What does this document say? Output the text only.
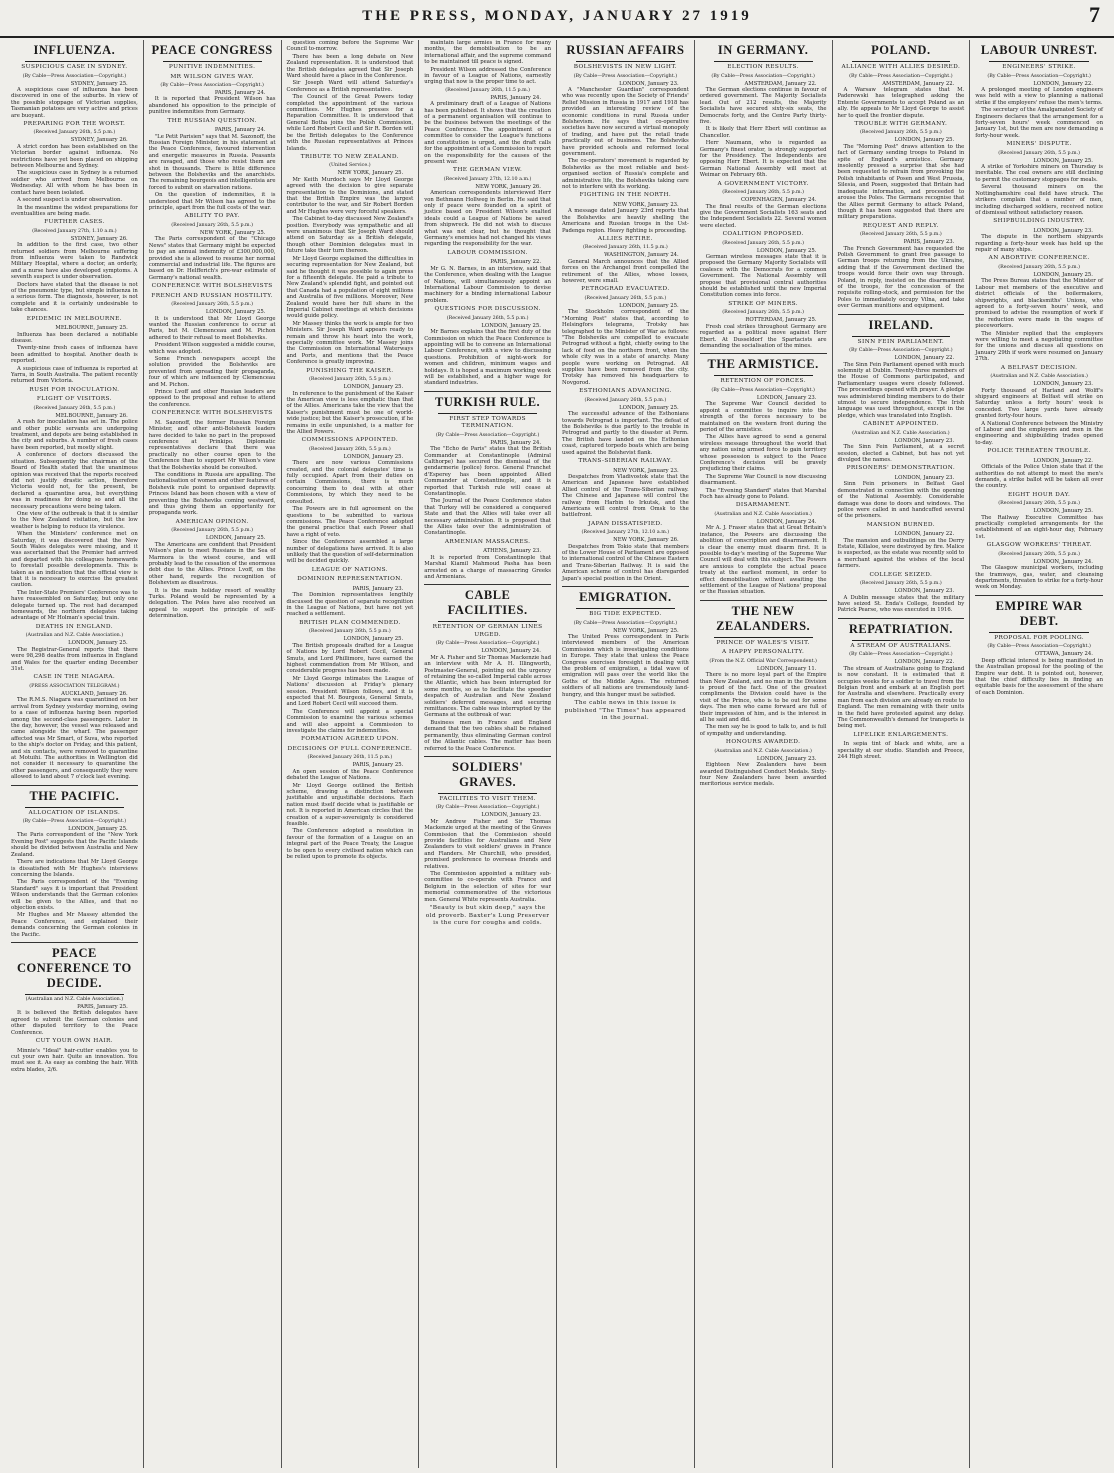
THE PRESS, MONDAY, JANUARY 27 1919	7
INFLUENZA.
SUSPICIOUS CASE IN SYDNEY.
(By Cable—Press Association—Copyright.)
SYDNEY, January 25.

A suspicious case of influenza has been discovered in one of the suburbs. In view of the possible stoppage of Victorian supplies, Tasmanian potatoes are very active and prices are buoyant.

PREPARING FOR THE WORST.
(Received January 26th, 5.5 p.m.)
SYDNEY, January 26.

A strict cordon has been established on the Victorian border against influenza. No restrictions have yet been placed on shipping between Melbourne and Sydney.

The suspicious case in Sydney is a returned soldier who arrived from Melbourne on Wednesday. All with whom he has been in contact have been isolated.

A second suspect is under observation.

In the meantime the widest preparations for eventualities are being made.

FURTHER CASES.
(Received January 27th, 1.10 a.m.)
SYDNEY, January 26.

In addition to the first case, two other returned soldiers from Melbourne suffering from influenza were taken to Randwick Military Hospital, where a doctor, an orderly, and a nurse have also developed symptoms. A seventh suspect is under observation.

Doctors have stated that the disease is not of the pneumonic type, but simple influenza in a serious form. The diagnosis, however, is not complete and it is certainly undesirable to take chances.

EPIDEMIC IN MELBOURNE.
MELBOURNE, January 25.

Influenza has been declared a notifiable disease.

Twenty-nine fresh cases of influenza have been admitted to hospital. Another death is reported.

A suspicious case of influenza is reported at Yarra, in South Australia. The patient recently returned from Victoria.

RUSH FOR INOCULATION.
FLIGHT OF VISITORS.
(Received January 26th, 5.5 p.m.)
MELBOURNE, January 26.

A rush for inoculation has set in. The police and other public servants are undergoing treatment, and depots are being established in the city and suburbs. A number of fresh cases have been reported, but mostly slight.

A conference of doctors discussed the situation. Subsequently the chairman of the Board of Health stated that the unanimous opinion was received that the reports received did not justify drastic action, therefore Victoria would not, for the present, be declared a quarantine area, but everything was in readiness for doing so and all the necessary precautions were being taken.

One view of the outbreak is that it is similar to the New Zealand visitation, but the low weather is helping to reduce its virulence.

When the Ministers' conference met on Saturday, it was discovered that the New South Wales delegates were missing, and it was ascertained that the Premier had arrived and departed with his colleagues homewards to forestall possible developments. This is taken as an indication that the official view is that it is necessary to exercise the greatest caution.

The Inter-State Premiers' Conference was to have reassembled on Saturday, but only one delegate turned up. The rest had decamped homewards, the northern delegates taking advantage of Mr Holman's special train.

DEATHS IN ENGLAND.
(Australian and N.Z. Cable Association.)
LONDON, January 25.

The Registrar-General reports that there were 98,298 deaths from influenza in England and Wales for the quarter ending December 31st.

CASE IN THE NIAGARA.
(PRESS ASSOCIATION TELEGRAM.)
AUCKLAND, January 26.

The R.M.S. Niagara was quarantined on her arrival from Sydney yesterday morning, owing to a case of influenza having been reported among the second-class passengers. Later in the day, however, the vessel was released and came alongside the wharf. The passenger affected was Mr Smart, of Suva, who reported to the ship's doctor on Friday, and this patient, and six contacts, were removed to quarantine at Motuihi. The authorities in Wellington did not consider it necessary to quarantine the other passengers, and consequently they were allowed to land about 7 o'clock last evening.

THE PACIFIC.
ALLOCATION OF ISLANDS.
(By Cable—Press Association—Copyright.)
LONDON, January 25.

The Paris correspondent of the "New York Evening Post" suggests that the Pacific Islands should be divided between Australia and New Zealand.

There are indications that Mr Lloyd George is dissatisfied with Mr Hughes's interviews concerning the Islands.

The Paris correspondent of the "Evening Standard" says it is important that President Wilson understands that the German colonies will be given to the Allies, and that no objection exists.

Mr Hughes and Mr Massey attended the Peace Conference, and explained their demands concerning the German colonies in the Pacific.

PEACE CONFERENCE TO DECIDE.
(Australian and N.Z. Cable Association.)
PARIS, January 25.

It is believed the British delegates have agreed to submit the German colonies and other disputed territory to the Peace Conference.

CUT YOUR OWN HAIR.

Minnie's "Ideal" hair-cutter enables you to cut your own hair. Quite an innovation. You must see it. As easy as combing the hair. With extra blades, 2/6.

PEACE CONGRESS
PUNITIVE INDEMNITIES.
MR WILSON GIVES WAY.
(By Cable—Press Association—Copyright.)
PARIS, January 24.

It is reported that President Wilson has abandoned his opposition to the principle of punitive indemnities from Germany.

THE RUSSIAN QUESTION.
PARIS, January 24.

"Le Petit Parisien" says that M. Sazonoff, the Russian Foreign Minister, in his statement at the Peace Conference, favoured intervention and energetic measures in Russia. Peasants are ravaged, and those who resist them are shot in thousands. There is little difference between the Bolsheviks and the anarchists. The remaining bourgeois and intelligentsia are forced to submit on starvation rations.

On the question of indemnities, it is understood that Mr Wilson has agreed to the principle, apart from the full costs of the war.

ABILITY TO PAY.
(Received January 26th, 5.5 p.m.)
NEW YORK, January 25.

The Paris correspondent of the "Chicago News" states that Germany might be expected to pay an annual indemnity of £300,000,000, provided she is allowed to resume her normal commercial and industrial life. The figures are based on Dr. Helfferich's pre-war estimate of Germany's national wealth.

CONFERENCE WITH BOLSHEVISTS
FRENCH AND RUSSIAN HOSTILITY.
(Received January 26th, 5.5 p.m.)
LONDON, January 25.

It is understood that Mr Lloyd George wanted the Russian conference to occur at Paris, but M. Clemenceau and M. Pichon adhered to their refusal to meet Bolsheviks.

President Wilson suggested a middle course, which was adopted.

Some French newspapers accept the solution provided the Bolsheviks are prevented from spreading their propaganda, four of which are influenced by Clemenceau and M. Pichon.

Prince Lvoff and other Russian leaders are opposed to the proposal and refuse to attend the conference.

CONFERENCE WITH BOLSHEVISTS

M. Sazonoff, the former Russian Foreign Minister, and other anti-Bolshevik leaders have decided to take no part in the proposed conference at Prinkipo. Diplomatic representatives declare that there was practically no other course open to the Conference than to support Mr Wilson's view that the Bolsheviks should be consulted.

The conditions in Russia are appalling. The nationalisation of women and other features of Bolshevik rule point to organised depravity. Princes Island has been chosen with a view of preventing the Bolsheviks coming westward, and thus giving them an opportunity for propaganda work.

AMERICAN OPINION.
(Received January 26th, 5.5 p.m.)
LONDON, January 25.

The Americans are confident that President Wilson's plan to meet Russians in the Sea of Marmora is the wisest course, and will probably lead to the cessation of the enormous debt due to the Allies. Prince Lvoff, on the other hand, regards the recognition of Bolshevism as disastrous.

It is the main holiday resort of wealthy Turks. Poland would be represented by a delegation. The Poles have also received an appeal to support the principle of self-determination.

question coming before the Supreme War Council to-morrow.

There has been a long debate on New Zealand representation. It is understood that the British delegates agreed that Sir Joseph Ward should have a place in the Conference.

Sir Joseph Ward will attend Saturday's Conference as a British representative.

The Council of the Great Powers today completed the appointment of the various committees. Mr Hughes presses for a Reparation Committee. It is understood that General Botha joins the Polish Commission, while Lord Robert Cecil and Sir R. Borden will be the British delegates to the Conference with the Russian representatives at Princes Islands.

TRIBUTE TO NEW ZEALAND.
(United Service.)
NEW YORK, January 25.

Mr Keith Murdoch says Mr Lloyd George agreed with the decision to give separate representation to the Dominions, and stated that the British Empire was the largest contributor to the war, and Sir Robert Borden and Mr Hughes were very forceful speakers.

The Cabinet to-day discussed New Zealand's position. Everybody was sympathetic and all were unanimous that Sir Joseph Ward should attend on Saturday as a British delegate, though other Dominion delegates must in future take their turn thereon.

Mr Lloyd George explained the difficulties in securing representation for New Zealand, but said he thought it was possible to again press for a fifteenth delegate. He paid a tribute to New Zealand's splendid fight, and pointed out that Canada had a population of eight millions and Australia of five millions. Moreover, New Zealand would have her full share in the Imperial Cabinet meetings at which decisions would guide policy.

Mr Massey thinks the work is ample for two Ministers. Sir Joseph Ward appears ready to remain and throw his heart into the work, especially committee work. Mr Massey joins the Commission on International Waterways and Ports, and mentions that the Peace Conference is greatly improving.

PUNISHING THE KAISER.
(Received January 26th, 5.5 p.m.)
LONDON, January 25.

In reference to the punishment of the Kaiser the American view is less emphatic than that of the Allies. Americans take the view that the Kaiser's punishment must be one of world-wide justice; but the Kaiser's prosecution, if he remains in exile unpunished, is a matter for the Allied Powers.

COMMISSIONS APPOINTED.
(Received January 26th, 5.5 p.m.)
LONDON, January 25.

There are now various Commissions created, and the colonial delegates' time is fully occupied. Apart from their duties on certain Commissions, there is much concerning them to deal with at other Commissions, by which they need to be consulted.

The Powers are in full agreement on the questions to be submitted to various commissions. The Peace Conference adopted the general practice that each Power shall have a right of veto.

Since the Conference assembled a large number of delegations have arrived. It is also unlikely that the question of self-determination will be decided quickly.

LEAGUE OF NATIONS.
DOMINION REPRESENTATION.
PARIS, January 23.

The Dominion representatives lengthily discussed the question of separate recognition in the League of Nations, but have not yet reached a settlement.

BRITISH PLAN COMMENDED.
(Received January 26th, 5.5 p.m.)
LONDON, January 25.

The British proposals drafted for a League of Nations by Lord Robert Cecil, General Smuts, and Lord Phillimore, have earned the highest commendation from Mr Wilson, and considerable progress has been made.

Mr Lloyd George intimates the League of Nations' discussion at Friday's plenary session. President Wilson follows, and it is expected that M. Bourgeois, General Smuts, and Lord Robert Cecil will succeed them.

The Conference will appoint a special Commission to examine the various schemes and will also appoint a Commission to investigate the claims for indemnities.

FORMATION AGREED UPON.
DECISIONS OF FULL CONFERENCE.
(Received January 26th, 11.5 p.m.)
PARIS, January 25.

An open session of the Peace Conference debated the League of Nations.

Mr Lloyd George outlined the British scheme, drawing a distinction between justifiable and unjustifiable decisions. Each nation must itself decide what is justifiable or not. It is reported in American circles that the creation of a super-sovereignty is considered feasible.

The Conference adopted a resolution in favour of the formation of a League on an integral part of the Peace Treaty, the League to be open to every civilised nation which can be relied upon to promote its objects.

maintain large armies in France for many months, the demobilisation to be an international affair, and the supreme command to be maintained till peace is signed.

President Wilson addressed the Conference in favour of a League of Nations, earnestly urging that now is the proper time to act.

(Received January 26th, 11.5 p.m.)
PARIS, January 24.

A preliminary draft of a League of Nations has been published. It shows that the creation of a permanent organisation will continue to be the business between the meetings of the Peace Conference. The appointment of a committee to consider the League's functions and constitution is urged, and the draft calls for the appointment of a Commission to report on the responsibility for the causes of the present war.

THE GERMAN VIEW.
(Received January 27th, 12.10 a.m.)
NEW YORK, January 26.

American correspondents interviewed Herr von Bethmann Hollweg in Berlin. He said that only if peace were founded on a spirit of justice based on President Wilson's exalted ideals could a League of Nations be saved from shipwreck. He did not wish to discuss what was not clear, but he thought that Germany's enemies had not changed his views regarding the responsibility for the war.

LABOUR COMMISSION.
PARIS, January 22.

Mr G. N. Barnes, in an interview, said that the Conference, when dealing with the League of Nations, will simultaneously appoint an International Labour Commission to devise machinery for a binding international Labour problem.

QUESTIONS FOR DISCUSSION.
(Received January 26th, 5.5 p.m.)
LONDON, January 25.

Mr Barnes explains that the first duty of the Commission on which the Peace Conference is appointing will be to convene an International Labour Conference, with a view to discussing questions. Prohibition of night-work for women and children, minimum wages and holidays. It is hoped a maximum working week will be established, and a higher wage for standard industries.

TURKISH RULE.
FIRST STEP TOWARDS TERMINATION.
(By Cable—Press Association—Copyright.)
PARIS, January 24.

The "Echo de Paris" states that the British Commander at Constantinople (Admiral Calthorpe) has secured the dismissal of the gendarmerie (police) force. General Franchet d'Esperey has been appointed Allied Commander at Constantinople, and it is reported that Turkish rule will cease at Constantinople.

The Journal of the Peace Conference states that Turkey will be considered a conquered State and that the Allies will take over all necessary administration. It is proposed that the Allies take over the administration of Constantinople.

ARMENIAN MASSACRES.
ATHENS, January 23.

It is reported from Constantinople that Marshal Kiamil Mahmoud Pasha has been arrested on a charge of massacring Greeks and Armenians.

CABLE FACILITIES.
RETENTION OF GERMAN LINES URGED.
(By Cable—Press Association—Copyright.)
LONDON, January 24.

Mr A. Fisher and Sir Thomas Mackenzie had an interview with Mr A. H. Illingworth, Postmaster-General, pointing out the urgency of retaining the so-called Imperial cable across the Atlantic, which has been interrupted for some months, so as to facilitate the speedier despatch of Australian and New Zealand soldiers' deferred messages, and securing remittances. The cable was interrupted by the Germans at the outbreak of war.

Business men in France and England demand that the two cables shall be retained permanently, thus eliminating German control of the Atlantic cables. The matter has been referred to the Peace Conference.

SOLDIERS' GRAVES.
FACILITIES TO VISIT THEM.
(By Cable—Press Association—Copyright.)
LONDON, January 23.

Mr Andrew Fisher and Sir Thomas Mackenzie urged at the meeting of the Graves Commission that the Commission should provide facilities for Australians and New Zealanders to visit soldiers' graves in France and Flanders. Mr Churchill, who presided, promised preference to overseas friends and relatives.

The Commission appointed a military sub-committee to co-operate with France and Belgium in the selection of sites for war memorial commemorative of the victorious men. General White represents Australia.

"Beauty is but skin deep," says the old proverb. Baxter's Lung Preserver is the cure for coughs and colds.
RUSSIAN AFFAIRS
BOLSHEVISTS IN NEW LIGHT.
(By Cable—Press Association—Copyright.)
LONDON, January 23.

A "Manchester Guardian" correspondent who was recently upon the Society of Friends' Relief Mission in Russia in 1917 and 1918 has provided an interesting review of the economic conditions in rural Russia under Bolshevism. He says that co-operative societies have now secured a virtual monopoly of trading, and have put the retail trade practically out of business. The Bolsheviks have provided schools and reformed local government.

The co-operators' movement is regarded by Bolsheviks as the most reliable and best-organised section of Russia's complete and administrative life, the Bolsheviks taking care not to interfere with its working.

FIGHTING IN THE NORTH.
NEW YORK, January 23.

A message dated January 23rd reports that the Bolsheviks are heavily shelling the Americans and Russian troops in the Ust-Padenga region. Heavy fighting is proceeding.

ALLIES RETIRE.
(Received January 26th, 11.5 p.m.)
WASHINGTON, January 24.

General March announces that the Allied forces on the Archangel front compelled the retirement of the Allies, whose losses, however, were small.

PETROGRAD EVACUATED.
(Received January 26th, 5.5 p.m.)
LONDON, January 25.

The Stockholm correspondent of the "Morning Post" states that, according to Helsingfors telegrams, Trotsky has telegraphed to the Minister of War as follows: "The Bolsheviks are compelled to evacuate Petrograd without a fight, chiefly owing to the lack of food on the northern front, when the whole city was in a state of anarchy. Many people were working on Petrograd. All supplies have been removed from the city. Trotsky has removed his headquarters to Novgorod.

ESTHONIANS ADVANCING.
(Received January 26th, 5.5 p.m.)
LONDON, January 25.

The successful advance of the Esthonians towards Petrograd is important. The defeat of the Bolsheviks is due partly to the trouble in Petrograd and partly to the disaster at Perm. The British have landed on the Esthonian coast, captured torpedo boats which are being used against the Bolshevist flank.

TRANS-SIBERIAN RAILWAY.
NEW YORK, January 23.

Despatches from Vladivostok state that the American and Japanese have established Allied control of the Trans-Siberian railway. The Chinese and Japanese will control the railway from Harbin to Irkutsk, and the Americans will control from Omsk to the battlefront.

JAPAN DISSATISFIED.
(Received January 27th, 12.10 a.m.)
NEW YORK, January 26.

Despatches from Tokio state that members of the Lower House of Parliament are opposed to international control of the Chinese Eastern and Trans-Siberian Railway. It is said the American scheme of control has disregarded Japan's special position in the Orient.

EMIGRATION.
BIG TIDE EXPECTED.
(By Cable—Press Association—Copyright.)
NEW YORK, January 25.

The United Press correspondent in Paris interviewed members of the American Commission which is investigating conditions in Europe. They state that unless the Peace Congress exercises foresight in dealing with the problem of emigration, a tidal wave of emigration will pass over the world like the Goths of the Middle Ages. The returned soldiers of all nations are tremendously land-hungry, and this hunger must be satisfied.

The cable news in this issue is published "The Times" has appeared in the journal.
IN GERMANY.
ELECTION RESULTS.
(By Cable—Press Association—Copyright.)
AMSTERDAM, January 22.

The German elections continue in favour of ordered government. The Majority Socialists lead. Out of 212 results, the Majority Socialists have secured sixty-six seats, the Democrats forty, and the Centre Party thirty-five.

It is likely that Herr Ebert will continue as Chancellor.

Herr Naumann, who is regarded as Germany's finest orator, is strongly supported for the Presidency. The Independents are opposing Herr Ebert. It is expected that the German National Assembly will meet at Weimar on February 6th.

A GOVERNMENT VICTORY.
(Received January 26th, 5.5 p.m.)
COPENHAGEN, January 24.

The final results of the German elections give the Government Socialists 163 seats and the Independent Socialists 22. Several women were elected.

COALITION PROPOSED.
(Received January 26th, 5.5 p.m.)
LONDON, January 25.

German wireless messages state that it is proposed the Germany Majority Socialists will coalesce with the Democrats for a common Government. The National Assembly will propose that provisional central authorities should be established until the new Imperial Constitution comes into force.

STRIKE OF MINERS.
(Received January 26th, 5.5 p.m.)
ROTTERDAM, January 25.

Fresh coal strikes throughout Germany are regarded as a political move against Herr Ebert. At Dusseldorf the Spartacists are demanding the socialisation of the mines.

THE ARMISTICE.
RETENTION OF FORCES.
(By Cable—Press Association—Copyright.)
LONDON, January 23.

The Supreme War Council decided to appoint a committee to inquire into the strength of the forces necessary to be maintained on the western front during the period of the armistice.

The Allies have agreed to send a general wireless message throughout the world that any nation using armed force to gain territory whose possession is subject to the Peace Conference's decision will be gravely prejudicing their claims.

The Supreme War Council is now discussing disarmament.

The "Evening Standard" states that Marshal Foch has already gone to Poland.

DISARMAMENT.
(Australian and N.Z. Cable Association.)
LONDON, January 24.

Mr A. J. Fraser states that at Great Britain's instance, the Powers are discussing the abolition of conscription and disarmament. It is clear the enemy must disarm first. It is possible to-day's meeting of the Supreme War Council will deal with this subject. The Powers are anxious to complete the actual peace treaty at the earliest moment, in order to effect demobilisation without awaiting the settlement of the League of Nations' proposal or the Russian situation.

THE NEW ZEALANDERS.
PRINCE OF WALES'S VISIT.
A HAPPY PERSONALITY.
(From the N.Z. Official War Correspondent.)
LONDON, January 11.

There is no more loyal part of the Empire than New Zealand, and no man in the Division is proud of the fact. One of the greatest compliments the Division could have is the visit of the Prince, who is to be out for some days. The men who came forward are full of their impression of him, and is the interest in all he said and did.

The men say he is good to talk to, and is full of sympathy and understanding.

HONOURS AWARDED.
(Australian and N.Z. Cable Association.)
LONDON, January 23.

Eighteen New Zealanders have been awarded Distinguished Conduct Medals. Sixty-four New Zealanders have been awarded meritorious service medals.

POLAND.
ALLIANCE WITH ALLIES DESIRED.
(By Cable—Press Association—Copyright.)
AMSTERDAM, January 22.

A Warsaw telegram states that M. Paderewski has telegraphed asking the Entente Governments to accept Poland as an ally. He appeals to Mr Lloyd George to assist her to quell the frontier dispute.

TROUBLE WITH GERMANY.
(Received January 26th, 5.5 p.m.)
LONDON, January 25.

The "Morning Post" draws attention to the fact of Germany sending troops to Poland in spite of England's armistice. Germany insolently pressed a surprise that she had been requested to refrain from provoking the Polish inhabitants of Posen and West Prussia, Silesia, and Posen, suggested that Britain had inadequate information, and proceeded to arouse the Poles. The Germans recognise that the Allies permit Germany to attack Poland, though it has been suggested that there are military preparations.

REQUEST AND REPLY.
(Received January 26th, 5.5 p.m.)
PARIS, January 23.

The French Government has requested the Polish Government to grant free passage to German troops returning from the Ukraine, adding that if the Government declined the troops would force their own way through. Poland, in reply, insisted on the disarmament of the troops, for the concession of the requisite rolling-stock, and permission for the Poles to immediately occupy Vilna, and take over German munitions and equipment.

IRELAND.
SINN FEIN PARLIAMENT.
(By Cable—Press Association—Copyright.)
LONDON, January 22.

The Sinn Fein Parliament opened with much solemnity at Dublin. Twenty-three members of the House of Commons participated, and Parliamentary usages were closely followed. The proceedings opened with prayer. A pledge was administered binding members to do their utmost to secure independence. The Irish language was used throughout, except in the pledge, which was translated into English.

CABINET APPOINTED.
(Australian and N.Z. Cable Association.)
LONDON, January 23.

The Sinn Fein Parliament, at a secret session, elected a Cabinet, but has not yet divulged the names.

PRISONERS' DEMONSTRATION.
LONDON, January 23.

Sinn Fein prisoners in Belfast Gaol demonstrated in connection with the opening of the National Assembly. Considerable damage was done to doors and windows. The police were called in and handcuffed several of the prisoners.

MANSION BURNED.
LONDON, January 22.

The mansion and outbuildings on the Derry Estate, Killaloe, were destroyed by fire. Malice is suspected, as the estate was recently sold to a merchant against the wishes of the local farmers.

COLLEGE SEIZED.
(Received January 26th, 5.5 p.m.)
LONDON, January 23.

A Dublin message states that the military have seized St. Enda's College, founded by Patrick Pearse, who was executed in 1916.

REPATRIATION.
A STREAM OF AUSTRALIANS.
(By Cable—Press Association—Copyright.)
LONDON, January 22.

The stream of Australians going to England is now constant. It is estimated that it occupies weeks for a soldier to travel from the Belgian front and embark at an English port for Australia and elsewhere. Practically every man from each division are already en route to England. The men remaining with their units in the field have protested against any delay. The Commonwealth's demand for transports is being met.

LIFELIKE ENLARGEMENTS.

In sepia tint of black and white, are a speciality at our studio. Standish and Preece, 244 High street.

LABOUR UNREST.
ENGINEERS' STRIKE.
(By Cable—Press Association—Copyright.)
LONDON, January 22.

A prolonged meeting of London engineers was held with a view to planning a national strike if the employers' refuse the men's terms.

The secretary of the Amalgamated Society of Engineers declares that the arrangement for a forty-seven hours' week commenced on January 1st, but the men are now demanding a forty-hour week.

MINERS' DISPUTE.
(Received January 26th, 5.5 p.m.)
LONDON, January 25.

A strike of Yorkshire miners on Thursday is inevitable. The coal owners are still declining to permit the customary stoppages for meals.

Several thousand miners on the Nottinghamshire coal field have struck. The strikers complain that a number of men, including discharged soldiers, received notice of dismissal without satisfactory reason.

SHIPBUILDING INDUSTRY.
LONDON, January 23.

The dispute in the northern shipyards regarding a forty-hour week has held up the repair of many ships.

AN ABORTIVE CONFERENCE.
(Received January 26th, 5.5 p.m.)
LONDON, January 25.

The Press Bureau states that the Minister of Labour met members of the executive and district officials of the boilermakers, shipwrights, and blacksmiths' Unions, who agreed to a forty-seven hours' week, and promised to advise the resumption of work if the reduction were made in the wages of pieceworkers.

The Minister replied that the employers were willing to meet a negotiating committee for the unions and discuss all questions on January 29th if work were resumed on January 27th.

A BELFAST DECISION.
(Australian and N.Z. Cable Association.)
LONDON, January 23.

Forty thousand of Harland and Wolff's shipyard engineers at Belfast will strike on Saturday unless a forty hours' week is conceded. Two large yards have already granted forty-four hours.

A National Conference between the Ministry of Labour and the employers and men in the engineering and shipbuilding trades opened to-day.

POLICE THREATEN TROUBLE.
LONDON, January 22.

Officials of the Police Union state that if the authorities do not attempt to meet the men's demands, a strike ballot will be taken all over the country.

EIGHT HOUR DAY.
(Received January 26th, 5.5 p.m.)
LONDON, January 25.

The Railway Executive Committee has practically completed arrangements for the establishment of an eight-hour day, February 1st.

GLASGOW WORKERS' THREAT.
(Received January 26th, 5.5 p.m.)
LONDON, January 24.

The Glasgow municipal workers, including the tramways, gas, water, and cleansing departments, threaten to strike for a forty-hour week on Monday.

EMPIRE WAR DEBT.
PROPOSAL FOR POOLING.
(By Cable—Press Association—Copyright.)
OTTAWA, January 24.

Deep official interest is being manifested in the Australian proposal for the pooling of the Empire war debt. It is pointed out, however, that the chief difficulty lies in finding an equitable basis for the assessment of the share of each Dominion.
